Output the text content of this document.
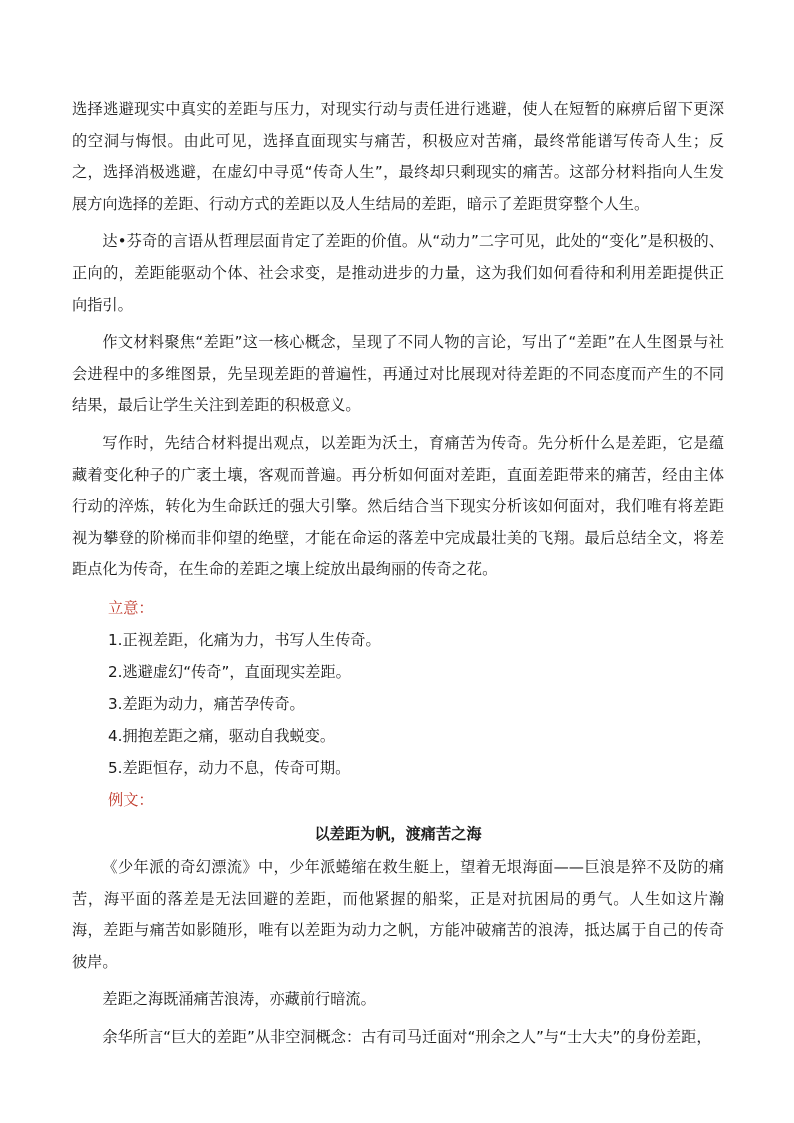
选择逃避现实中真实的差距与压力，对现实行动与责任进行逃避，使人在短暂的麻痹后留下更深的空洞与悔恨。由此可见，选择直面现实与痛苦，积极应对苦痛，最终常能谱写传奇人生；反之，选择消极逃避，在虚幻中寻觅“传奇人生”，最终却只剩现实的痛苦。这部分材料指向人生发展方向选择的差距、行动方式的差距以及人生结局的差距，暗示了差距贯穿整个人生。

达•芬奇的言语从哲理层面肯定了差距的价值。从“动力”二字可见，此处的“变化”是积极的、正向的，差距能驱动个体、社会求变，是推动进步的力量，这为我们如何看待和利用差距提供正向指引。

作文材料聚焦“差距”这一核心概念，呈现了不同人物的言论，写出了“差距”在人生图景与社会进程中的多维图景，先呈现差距的普遍性，再通过对比展现对待差距的不同态度而产生的不同结果，最后让学生关注到差距的积极意义。

写作时，先结合材料提出观点，以差距为沃土，育痛苦为传奇。先分析什么是差距，它是蕴藏着变化种子的广袤土壤，客观而普遍。再分析如何面对差距，直面差距带来的痛苦，经由主体行动的淬炼，转化为生命跃迁的强大引擎。然后结合当下现实分析该如何面对，我们唯有将差距视为攀登的阶梯而非仰望的绝壁，才能在命运的落差中完成最壮美的飞翔。最后总结全文，将差距点化为传奇，在生命的差距之壤上绽放出最绚丽的传奇之花。

立意：

1.正视差距，化痛为力，书写人生传奇。

2.逃避虚幻“传奇”，直面现实差距。

3.差距为动力，痛苦孕传奇。

4.拥抱差距之痛，驱动自我蜕变。

5.差距恒存，动力不息，传奇可期。

例文：

以差距为帆，渡痛苦之海

《少年派的奇幻漂流》中，少年派蜷缩在救生艇上，望着无垠海面——巨浪是猝不及防的痛苦，海平面的落差是无法回避的差距，而他紧握的船桨，正是对抗困局的勇气。人生如这片瀚海，差距与痛苦如影随形，唯有以差距为动力之帆，方能冲破痛苦的浪涛，抵达属于自己的传奇彼岸。

差距之海既涌痛苦浪涛，亦藏前行暗流。

余华所言“巨大的差距”从非空洞概念：古有司马迁面对“刑余之人”与“士大夫”的身份差距，
